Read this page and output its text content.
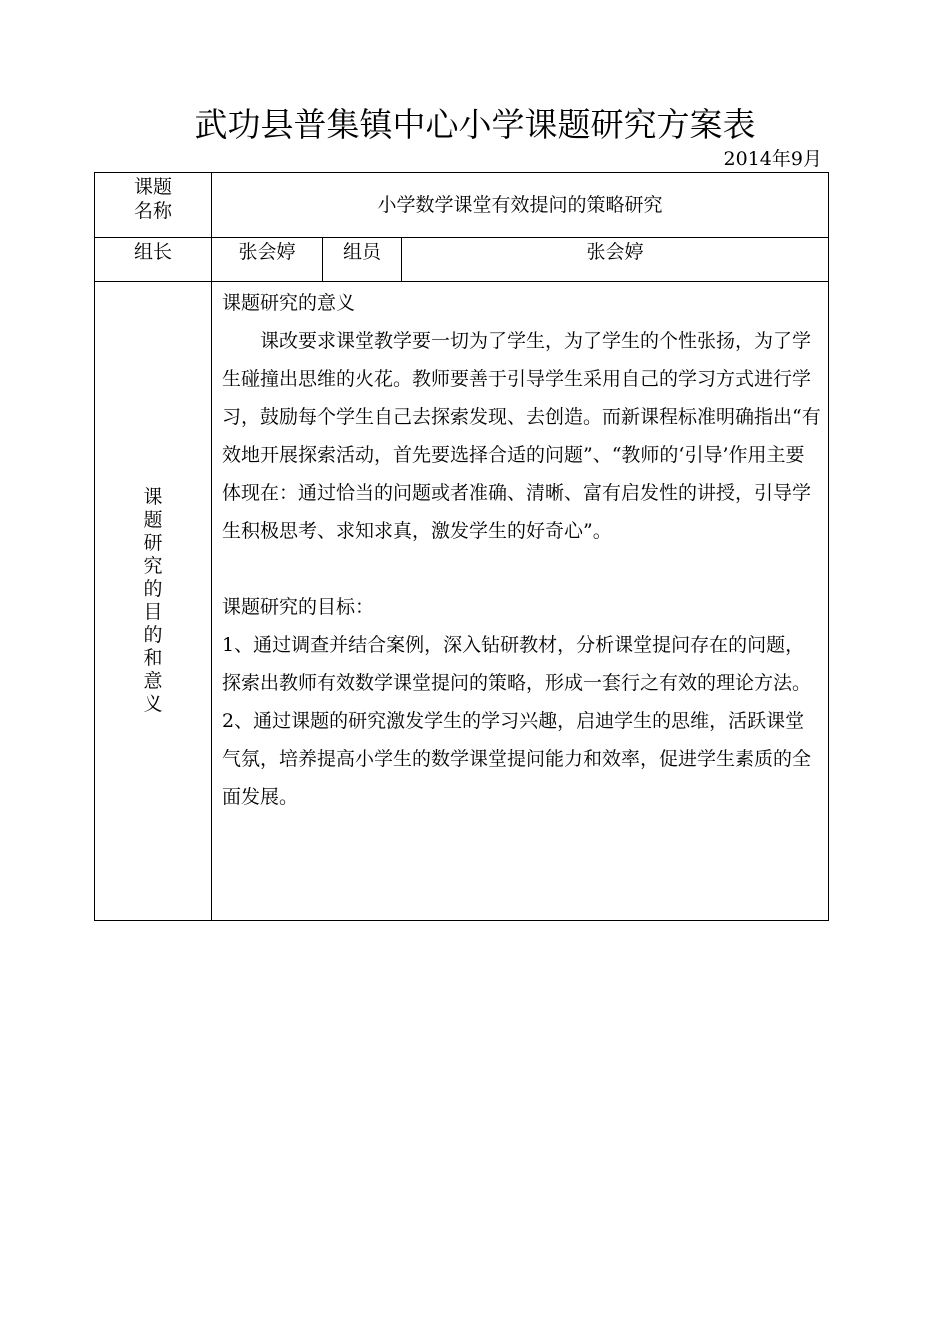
武功县普集镇中心小学课题研究方案表
2014年9月
课题名称	小学数学课堂有效提问的策略研究		
组长	张会婷	组员	张会婷
课题研究的目的和意义	课题研究的意义

课改要求课堂教学要一切为了学生，为了学生的个性张扬，为了学生碰撞出思维的火花。教师要善于引导学生采用自己的学习方式进行学习，鼓励每个学生自己去探索发现、去创造。而新课程标准明确指出“有效地开展探索活动，首先要选择合适的问题”、“教师的‘引导’作用主要体现在：通过恰当的问题或者准确、清晰、富有启发性的讲授，引导学生积极思考、求知求真，激发学生的好奇心”。

课题研究的目标：

1、通过调查并结合案例，深入钻研教材，分析课堂提问存在的问题，探索出教师有效数学课堂提问的策略，形成一套行之有效的理论方法。

2、通过课题的研究激发学生的学习兴趣，启迪学生的思维，活跃课堂气氛，培养提高小学生的数学课堂提问能力和效率，促进学生素质的全面发展。		
